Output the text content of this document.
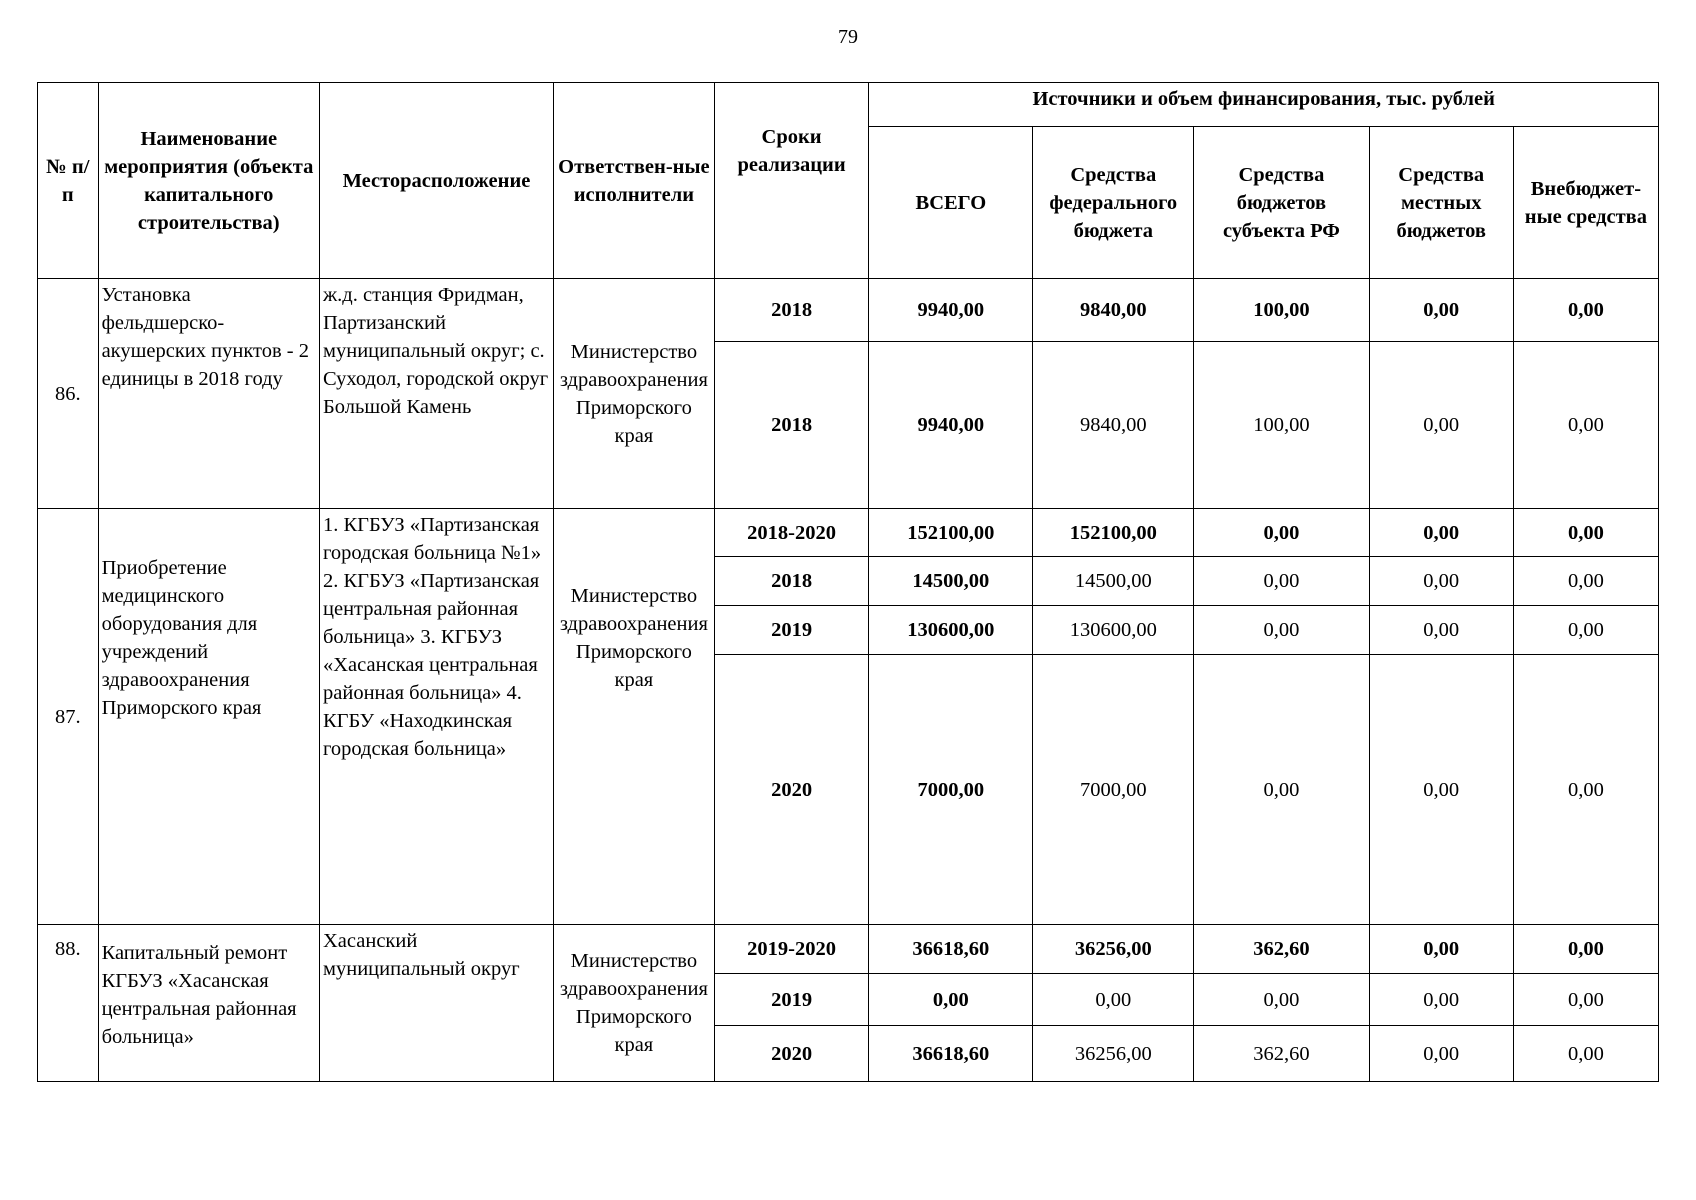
79
№ п/п	Наименование мероприятия (объекта капитального строительства)	Месторасположение	Ответствен-ные исполнители	Сроки реализации	Источники и объем финансирования, тыс. рублей				
					ВСЕГО	Средства федерального бюджета	Средства бюджетов субъекта РФ	Средства местных бюджетов	Внебюджет-ные средства
86.	Установка фельдшерско-акушерских пунктов - 2 единицы в 2018 году	ж.д. станция Фридман, Партизанский муниципальный округ; с. Суходол, городской округ Большой Камень	Министерство здравоохранения Приморского края	2018	9940,00	9840,00	100,00	0,00	0,00
				2018	9940,00	9840,00	100,00	0,00	0,00
87.	Приобретение медицинского оборудования для учреждений здравоохранения Приморского края	1. КГБУЗ «Партизанская городская больница №1» 2. КГБУЗ «Партизанская центральная районная больница» 3. КГБУЗ «Хасанская центральная районная больница» 4. КГБУ «Находкинская городская больница»	Министерство здравоохранения Приморского края	2018-2020	152100,00	152100,00	0,00	0,00	0,00
				2018	14500,00	14500,00	0,00	0,00	0,00
				2019	130600,00	130600,00	0,00	0,00	0,00
				2020	7000,00	7000,00	0,00	0,00	0,00
88.	Капитальный ремонт КГБУЗ «Хасанская центральная районная больница»	Хасанский муниципальный округ	Министерство здравоохранения Приморского края	2019-2020	36618,60	36256,00	362,60	0,00	0,00
				2019	0,00	0,00	0,00	0,00	0,00
				2020	36618,60	36256,00	362,60	0,00	0,00
